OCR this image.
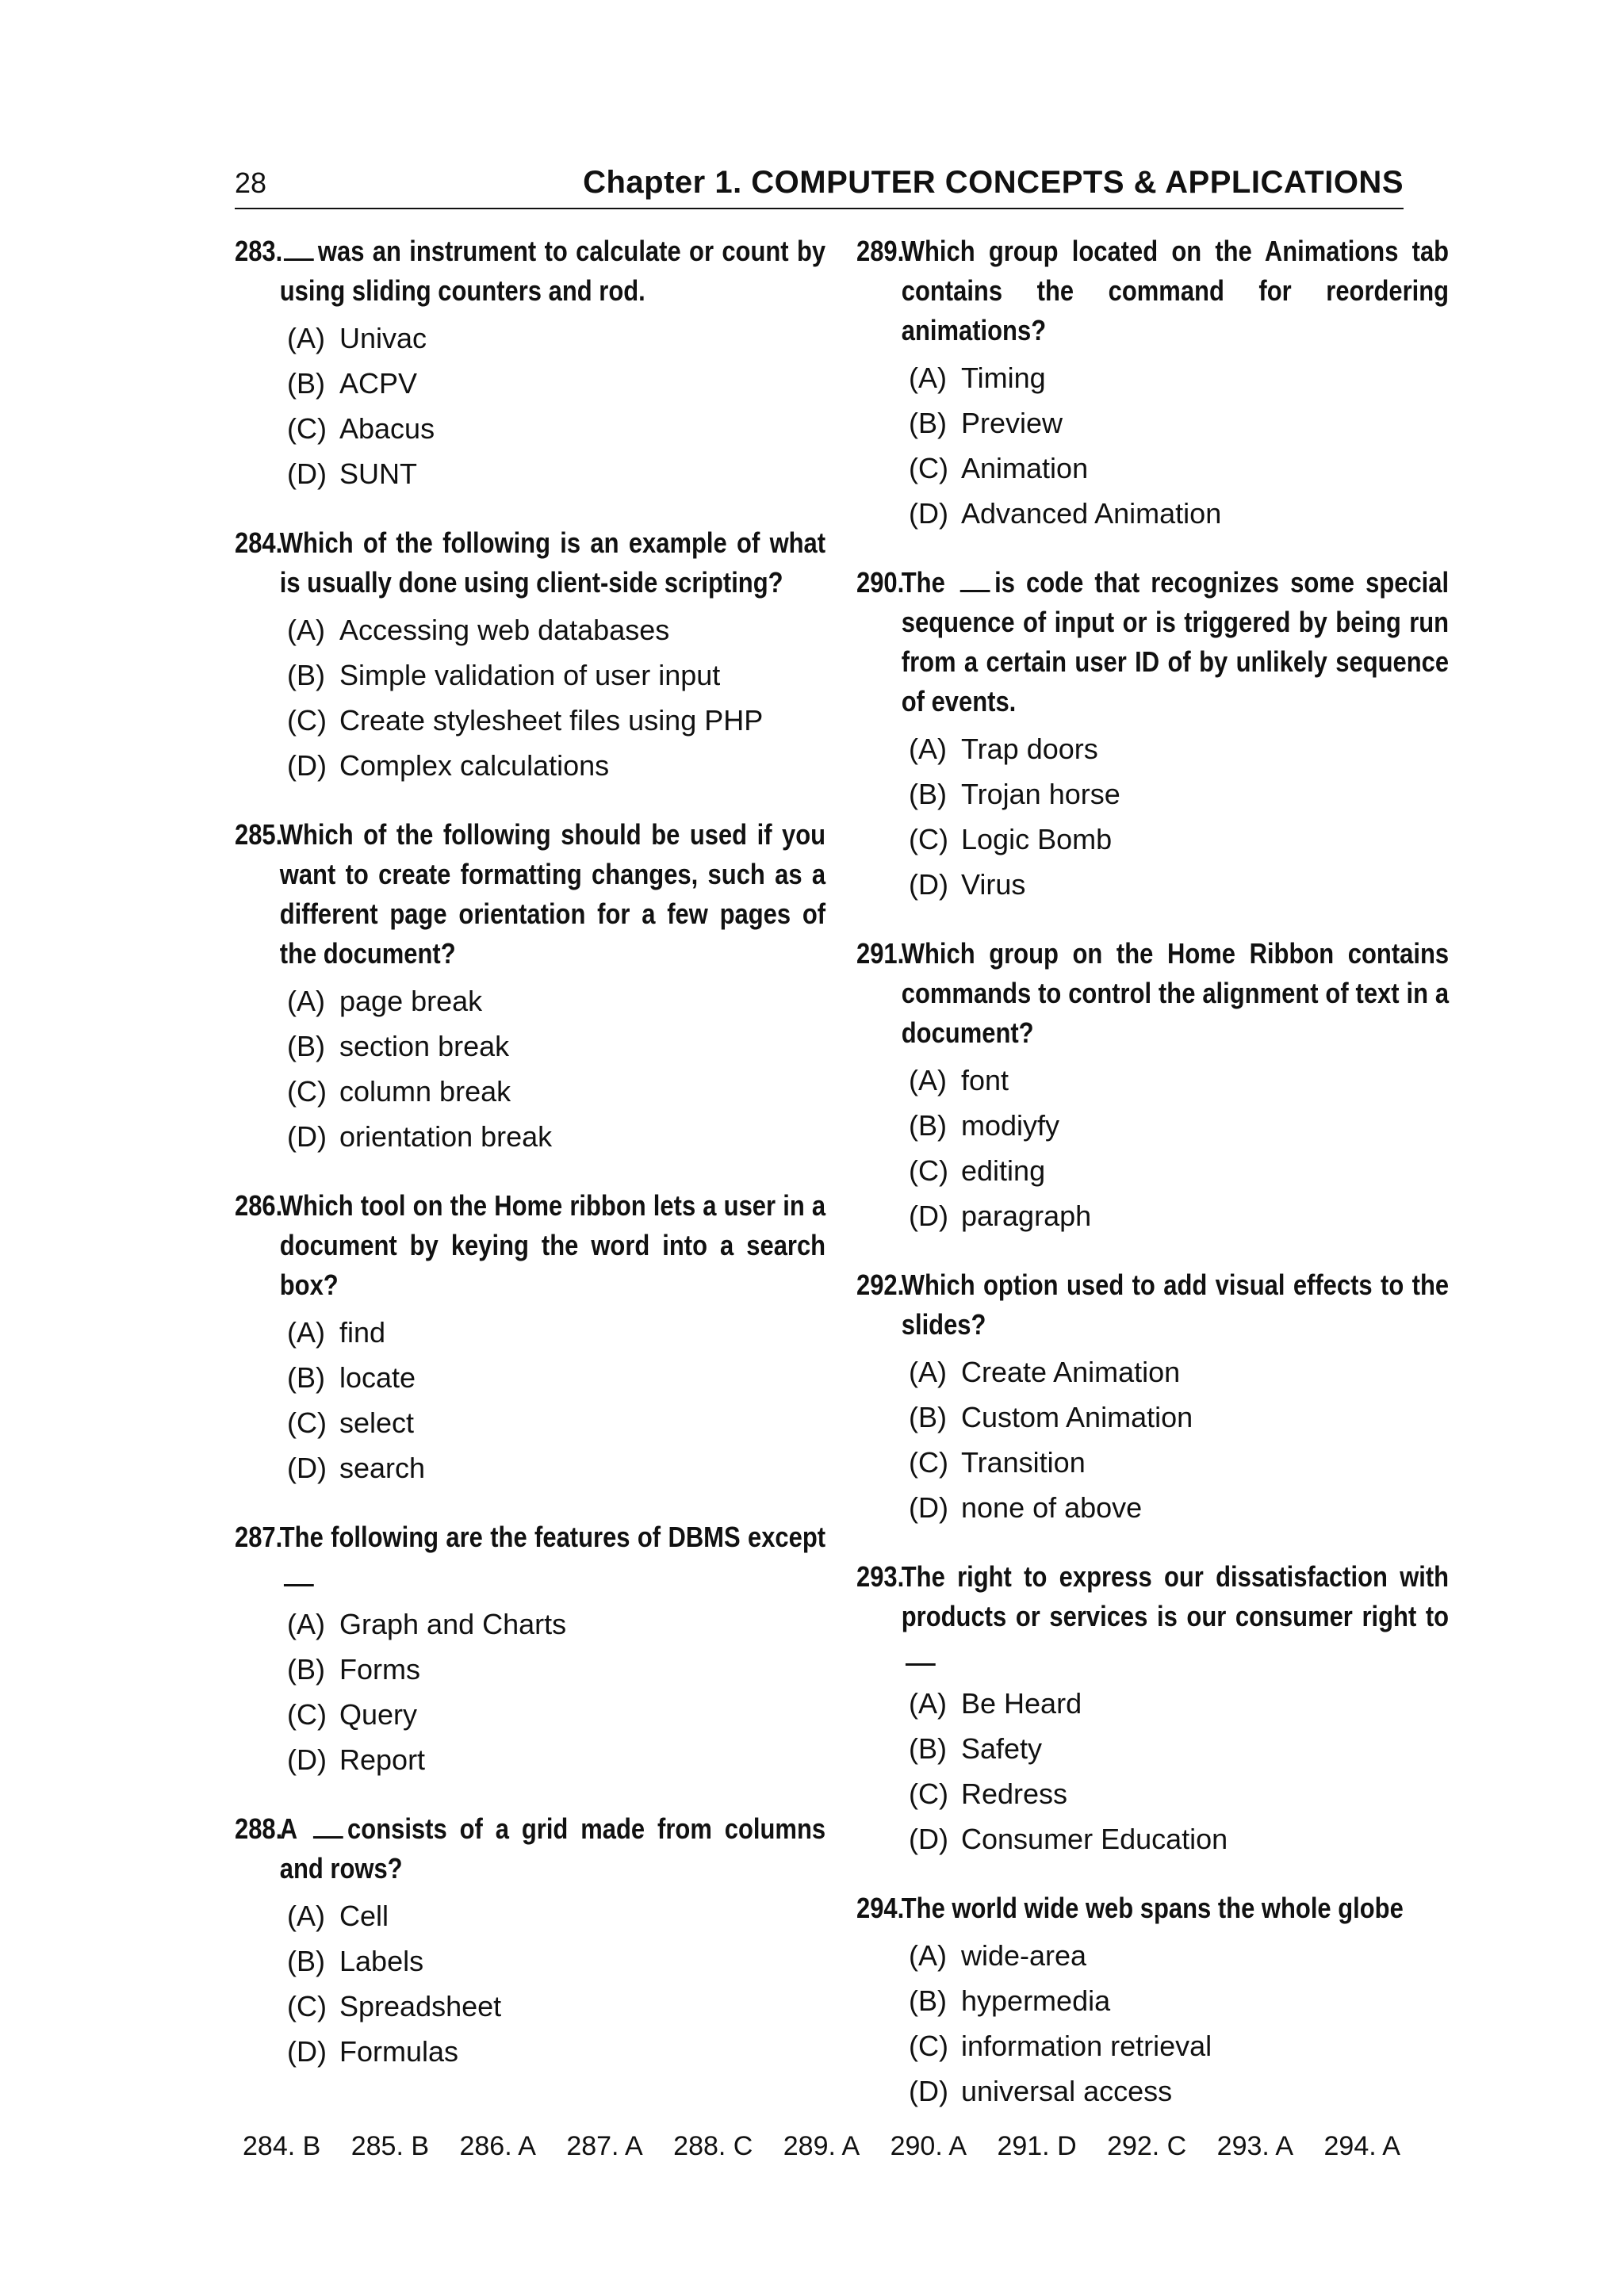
28	Chapter 1. COMPUTER CONCEPTS & APPLICATIONS
283. was an instrument to calculate or count by using sliding counters and rod.
(A) Univac
(B) ACPV
(C) Abacus
(D) SUNT
284.
Which of the following is an example of what is usually done using client-side scripting?
(A) Accessing web databases
(B) Simple validation of user input
(C) Create stylesheet files using PHP
(D) Complex calculations
285.
Which of the following should be used if you want to create formatting changes, such as a different page orientation for a few pages of the document?
(A) page break
(B) section break
(C) column break
(D) orientation break
286.
Which tool on the Home ribbon lets a user in a document by keying the word into a search box?
(A) find
(B) locate
(C) select
(D) search
287.
The following are the features of DBMS except
(A) Graph and Charts
(B) Forms
(C) Query
(D) Report
288.
A consists of a grid made from columns and rows?
(A) Cell
(B) Labels
(C) Spreadsheet
(D) Formulas
289.
Which group located on the Animations tab contains the command for reordering animations?
(A) Timing
(B) Preview
(C) Animation
(D) Advanced Animation
290.
The is code that recognizes some special sequence of input or is triggered by being run from a certain user ID of by unlikely sequence of events.
(A) Trap doors
(B) Trojan horse
(C) Logic Bomb
(D) Virus
291.
Which group on the Home Ribbon contains commands to control the alignment of text in a document?
(A) font
(B) modiyfy
(C) editing
(D) paragraph
292.
Which option used to add visual effects to the slides?
(A) Create Animation
(B) Custom Animation
(C) Transition
(D) none of above
293.
The right to express our dissatisfaction with products or services is our consumer right to
(A) Be Heard
(B) Safety
(C) Redress
(D) Consumer Education
294.
The world wide web spans the whole globe
(A) wide-area
(B) hypermedia
(C) information retrieval
(D) universal access
284. B 285. B 286. A 287. A 288. C 289. A 290. A 291. D 292. C 293. A 294. A
